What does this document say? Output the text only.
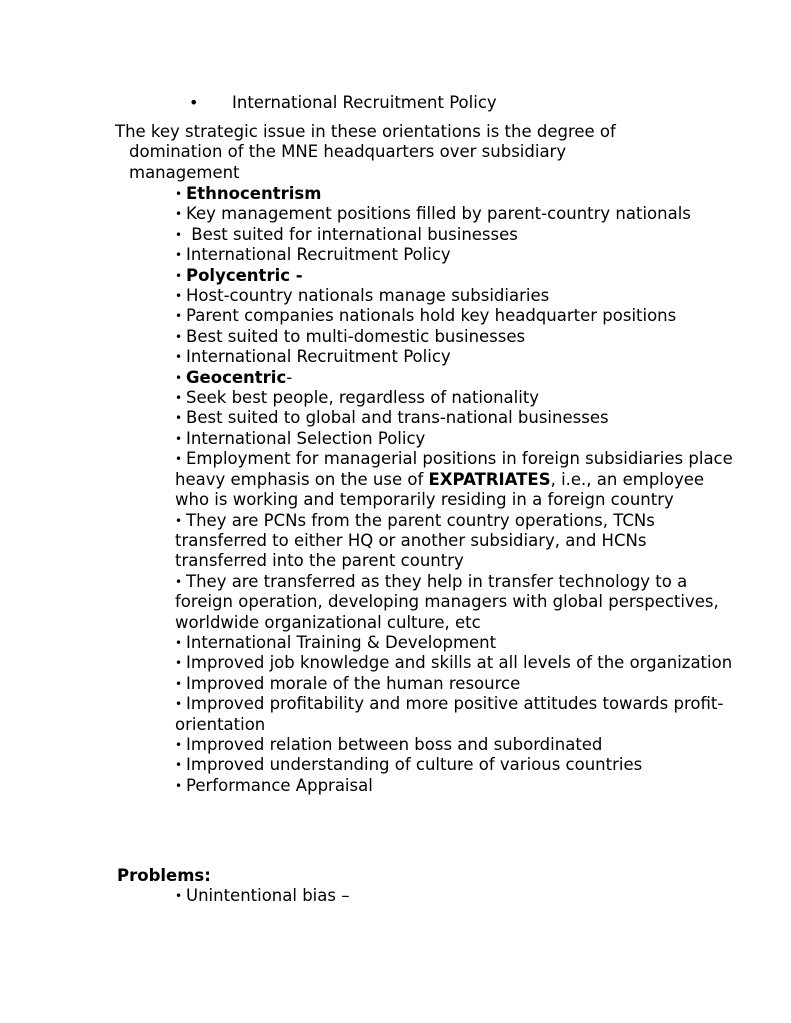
• International Recruitment Policy

The key strategic issue in these orientations is the degree of domination of the MNE headquarters over subsidiary management

• Ethnocentrism
• Key management positions filled by parent-country nationals
• Best suited for international businesses
• International Recruitment Policy
• Polycentric -
• Host-country nationals manage subsidiaries
• Parent companies nationals hold key headquarter positions
• Best suited to multi-domestic businesses
• International Recruitment Policy
• Geocentric-
• Seek best people, regardless of nationality
• Best suited to global and trans-national businesses
• International Selection Policy
• Employment for managerial positions in foreign subsidiaries place heavy emphasis on the use of EXPATRIATES, i.e., an employee who is working and temporarily residing in a foreign country
• They are PCNs from the parent country operations, TCNs transferred to either HQ or another subsidiary, and HCNs transferred into the parent country
• They are transferred as they help in transfer technology to a foreign operation, developing managers with global perspectives, worldwide organizational culture, etc
• International Training & Development
• Improved job knowledge and skills at all levels of the organization
• Improved morale of the human resource
• Improved profitability and more positive attitudes towards profit-orientation
• Improved relation between boss and subordinated
• Improved understanding of culture of various countries
• Performance Appraisal
Problems:
• Unintentional bias –
